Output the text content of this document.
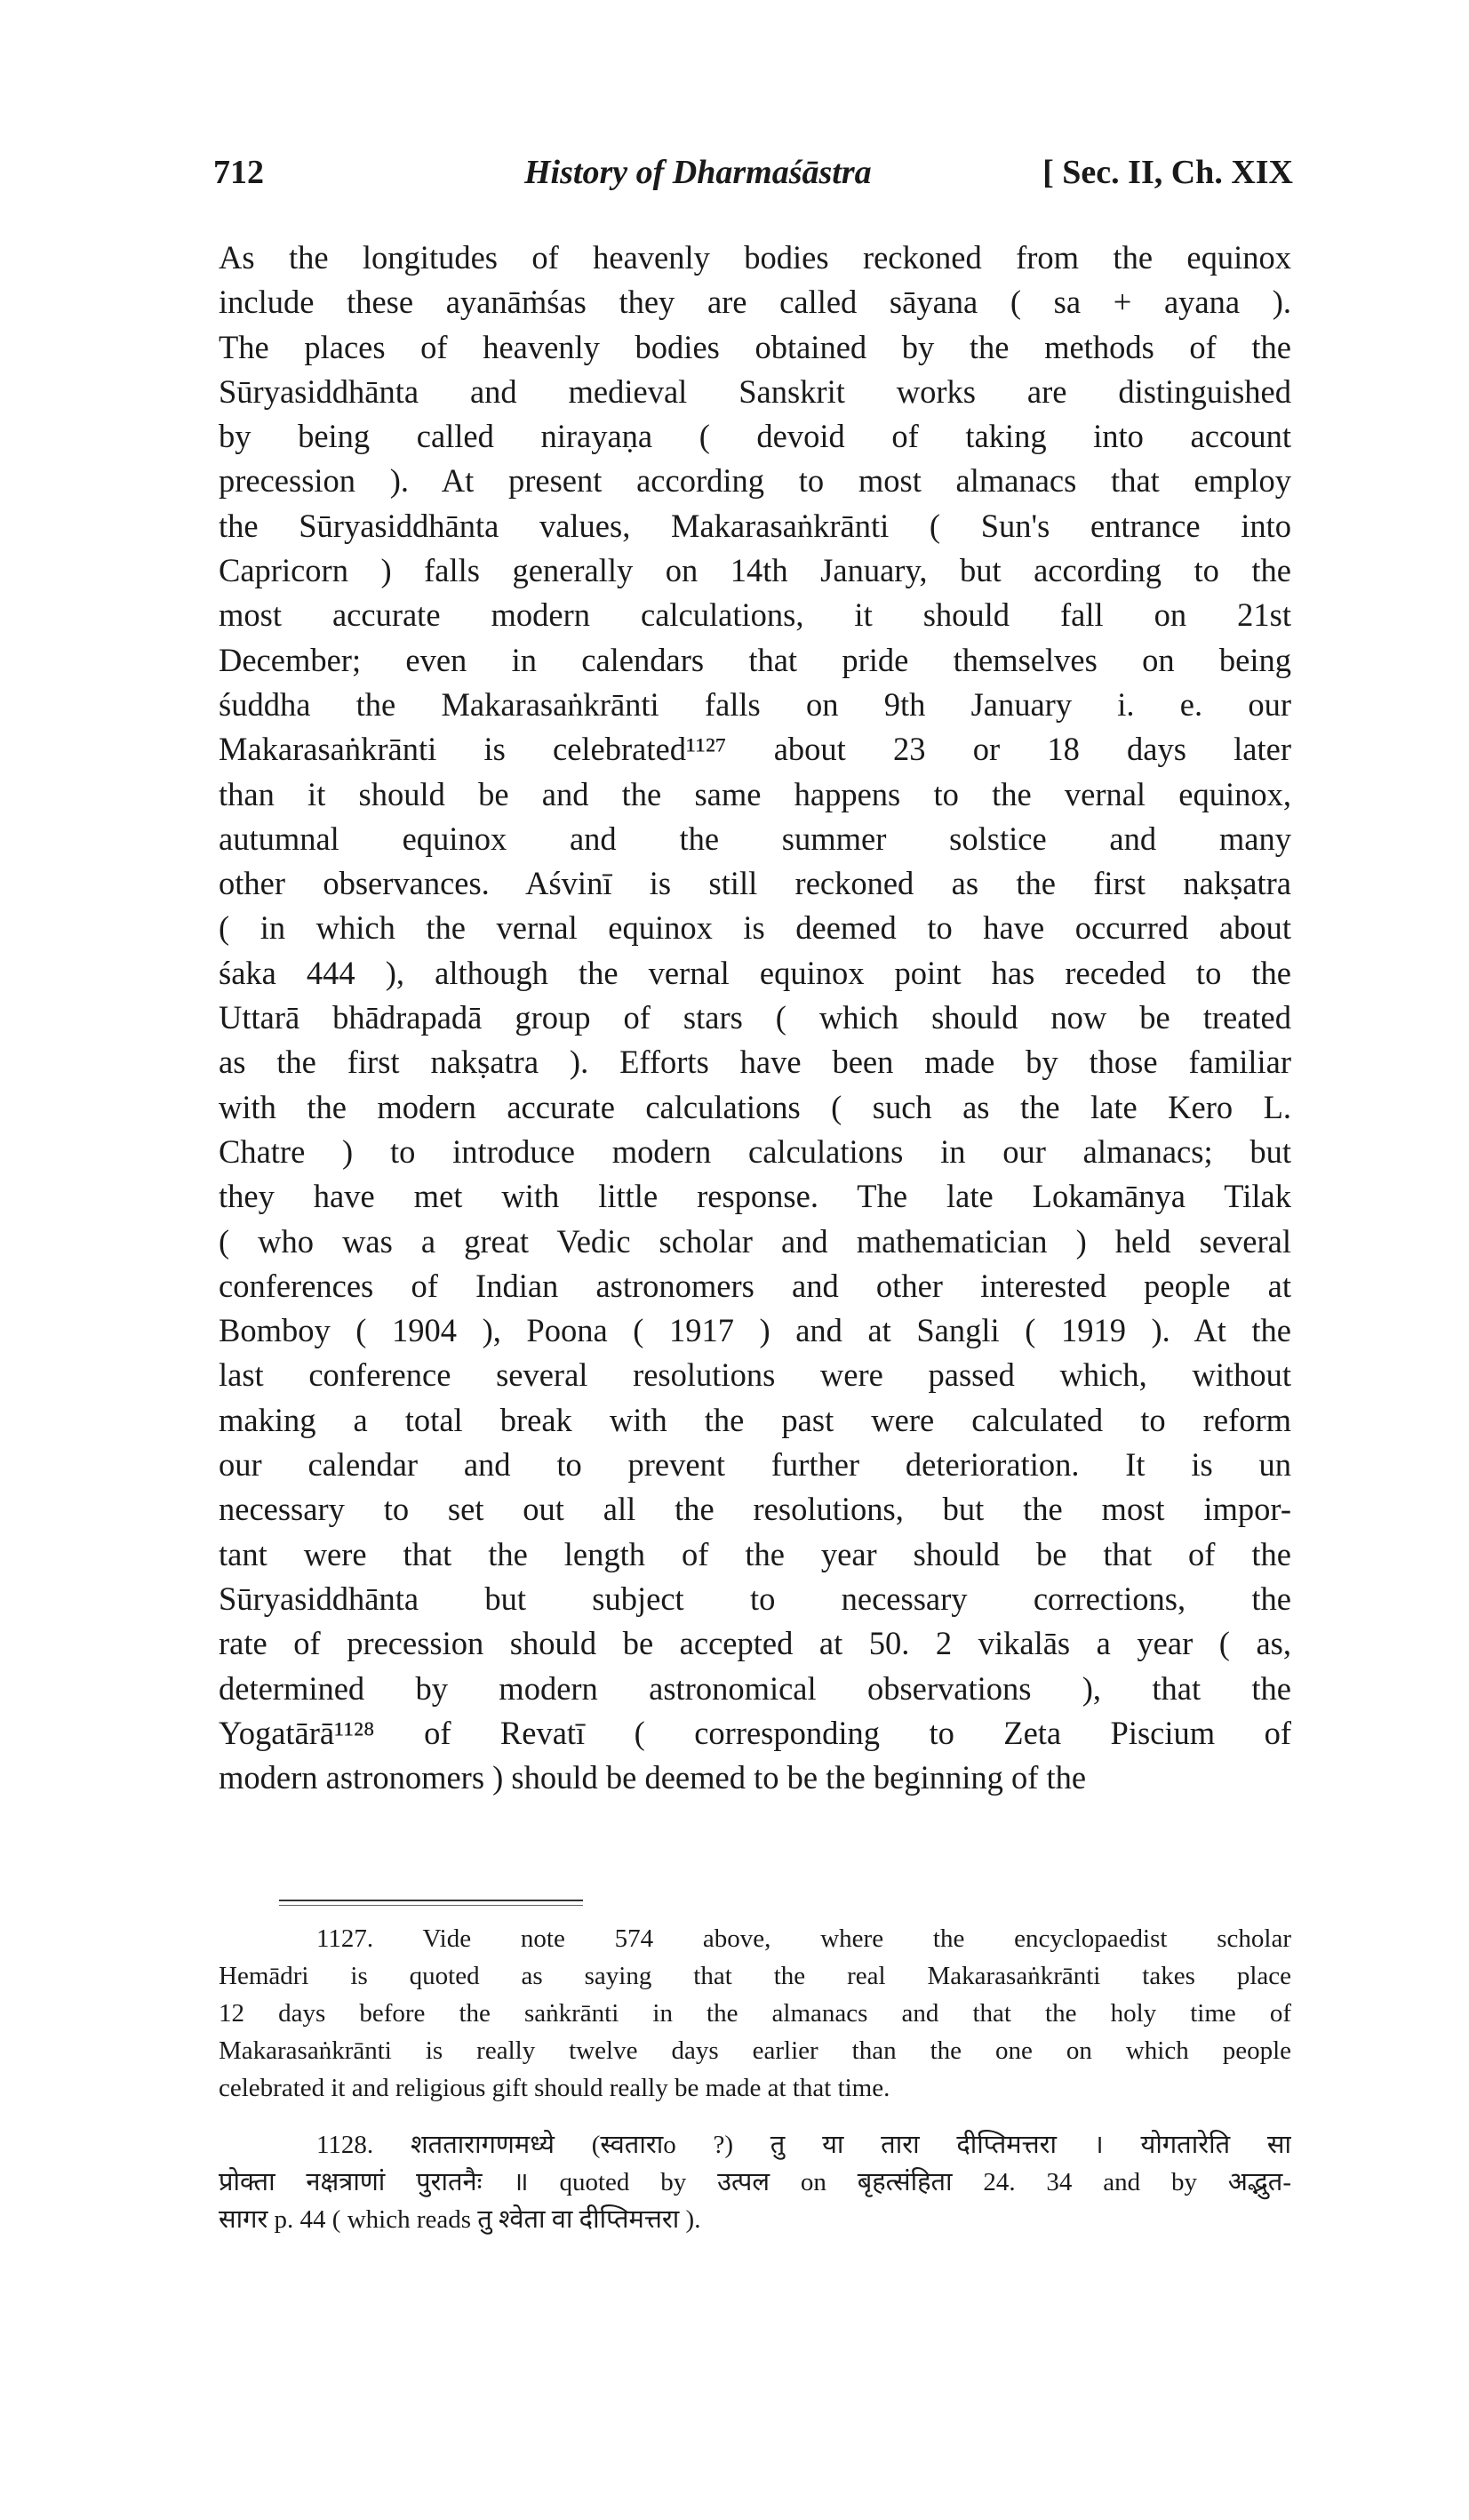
712	History of Dharmaśāstra	[ Sec. II, Ch. XIX
As the longitudes of heavenly bodies reckoned from the equinox
include these ayanāṁśas they are called sāyana ( sa + ayana ).
The places of heavenly bodies obtained by the methods of the
Sūryasiddhānta and medieval Sanskrit works are distinguished
by being called nirayaṇa ( devoid of taking into account
precession ). At present according to most almanacs that employ
the Sūryasiddhānta values, Makarasaṅkrānti ( Sun's entrance into
Capricorn ) falls generally on 14th January, but according to the
most accurate modern calculations, it should fall on 21st
December; even in calendars that pride themselves on being
śuddha the Makarasaṅkrānti falls on 9th January i. e. our
Makarasaṅkrānti is celebrated¹¹²⁷ about 23 or 18 days later
than it should be and the same happens to the vernal equinox,
autumnal equinox and the summer solstice and many
other observances. Aśvinī is still reckoned as the first nakṣatra
( in which the vernal equinox is deemed to have occurred about
śaka 444 ), although the vernal equinox point has receded to the
Uttarā bhādrapadā group of stars ( which should now be treated
as the first nakṣatra ). Efforts have been made by those familiar
with the modern accurate calculations ( such as the late Kero L.
Chatre ) to introduce modern calculations in our almanacs; but
they have met with little response. The late Lokamānya Tilak
( who was a great Vedic scholar and mathematician ) held several
conferences of Indian astronomers and other interested people at
Bomboy ( 1904 ), Poona ( 1917 ) and at Sangli ( 1919 ). At the
last conference several resolutions were passed which, without
making a total break with the past were calculated to reform
our calendar and to prevent further deterioration. It is un
necessary to set out all the resolutions, but the most impor-
tant were that the length of the year should be that of the
Sūryasiddhānta but subject to necessary corrections, the
rate of precession should be accepted at 50. 2 vikalās a year ( as,
determined by modern astronomical observations ), that the
Yogatārā¹¹²⁸ of Revatī ( corresponding to Zeta Piscium of
modern astronomers ) should be deemed to be the beginning of the
1127. Vide note 574 above, where the encyclopaedist scholar
Hemādri is quoted as saying that the real Makarasaṅkrānti takes place
12 days before the saṅkrānti in the almanacs and that the holy time of
Makarasaṅkrānti is really twelve days earlier than the one on which people
celebrated it and religious gift should really be made at that time.
1128. शततारागणमध्ये (स्वताराo ?) तु या तारा दीप्तिमत्तरा । योगतारेति सा
प्रोक्ता नक्षत्राणां पुरातनैः ॥ quoted by उत्पल on बृहत्संहिता 24. 34 and by अद्भुत-
सागर p. 44 ( which reads तु श्वेता वा दीप्तिमत्तरा ).
